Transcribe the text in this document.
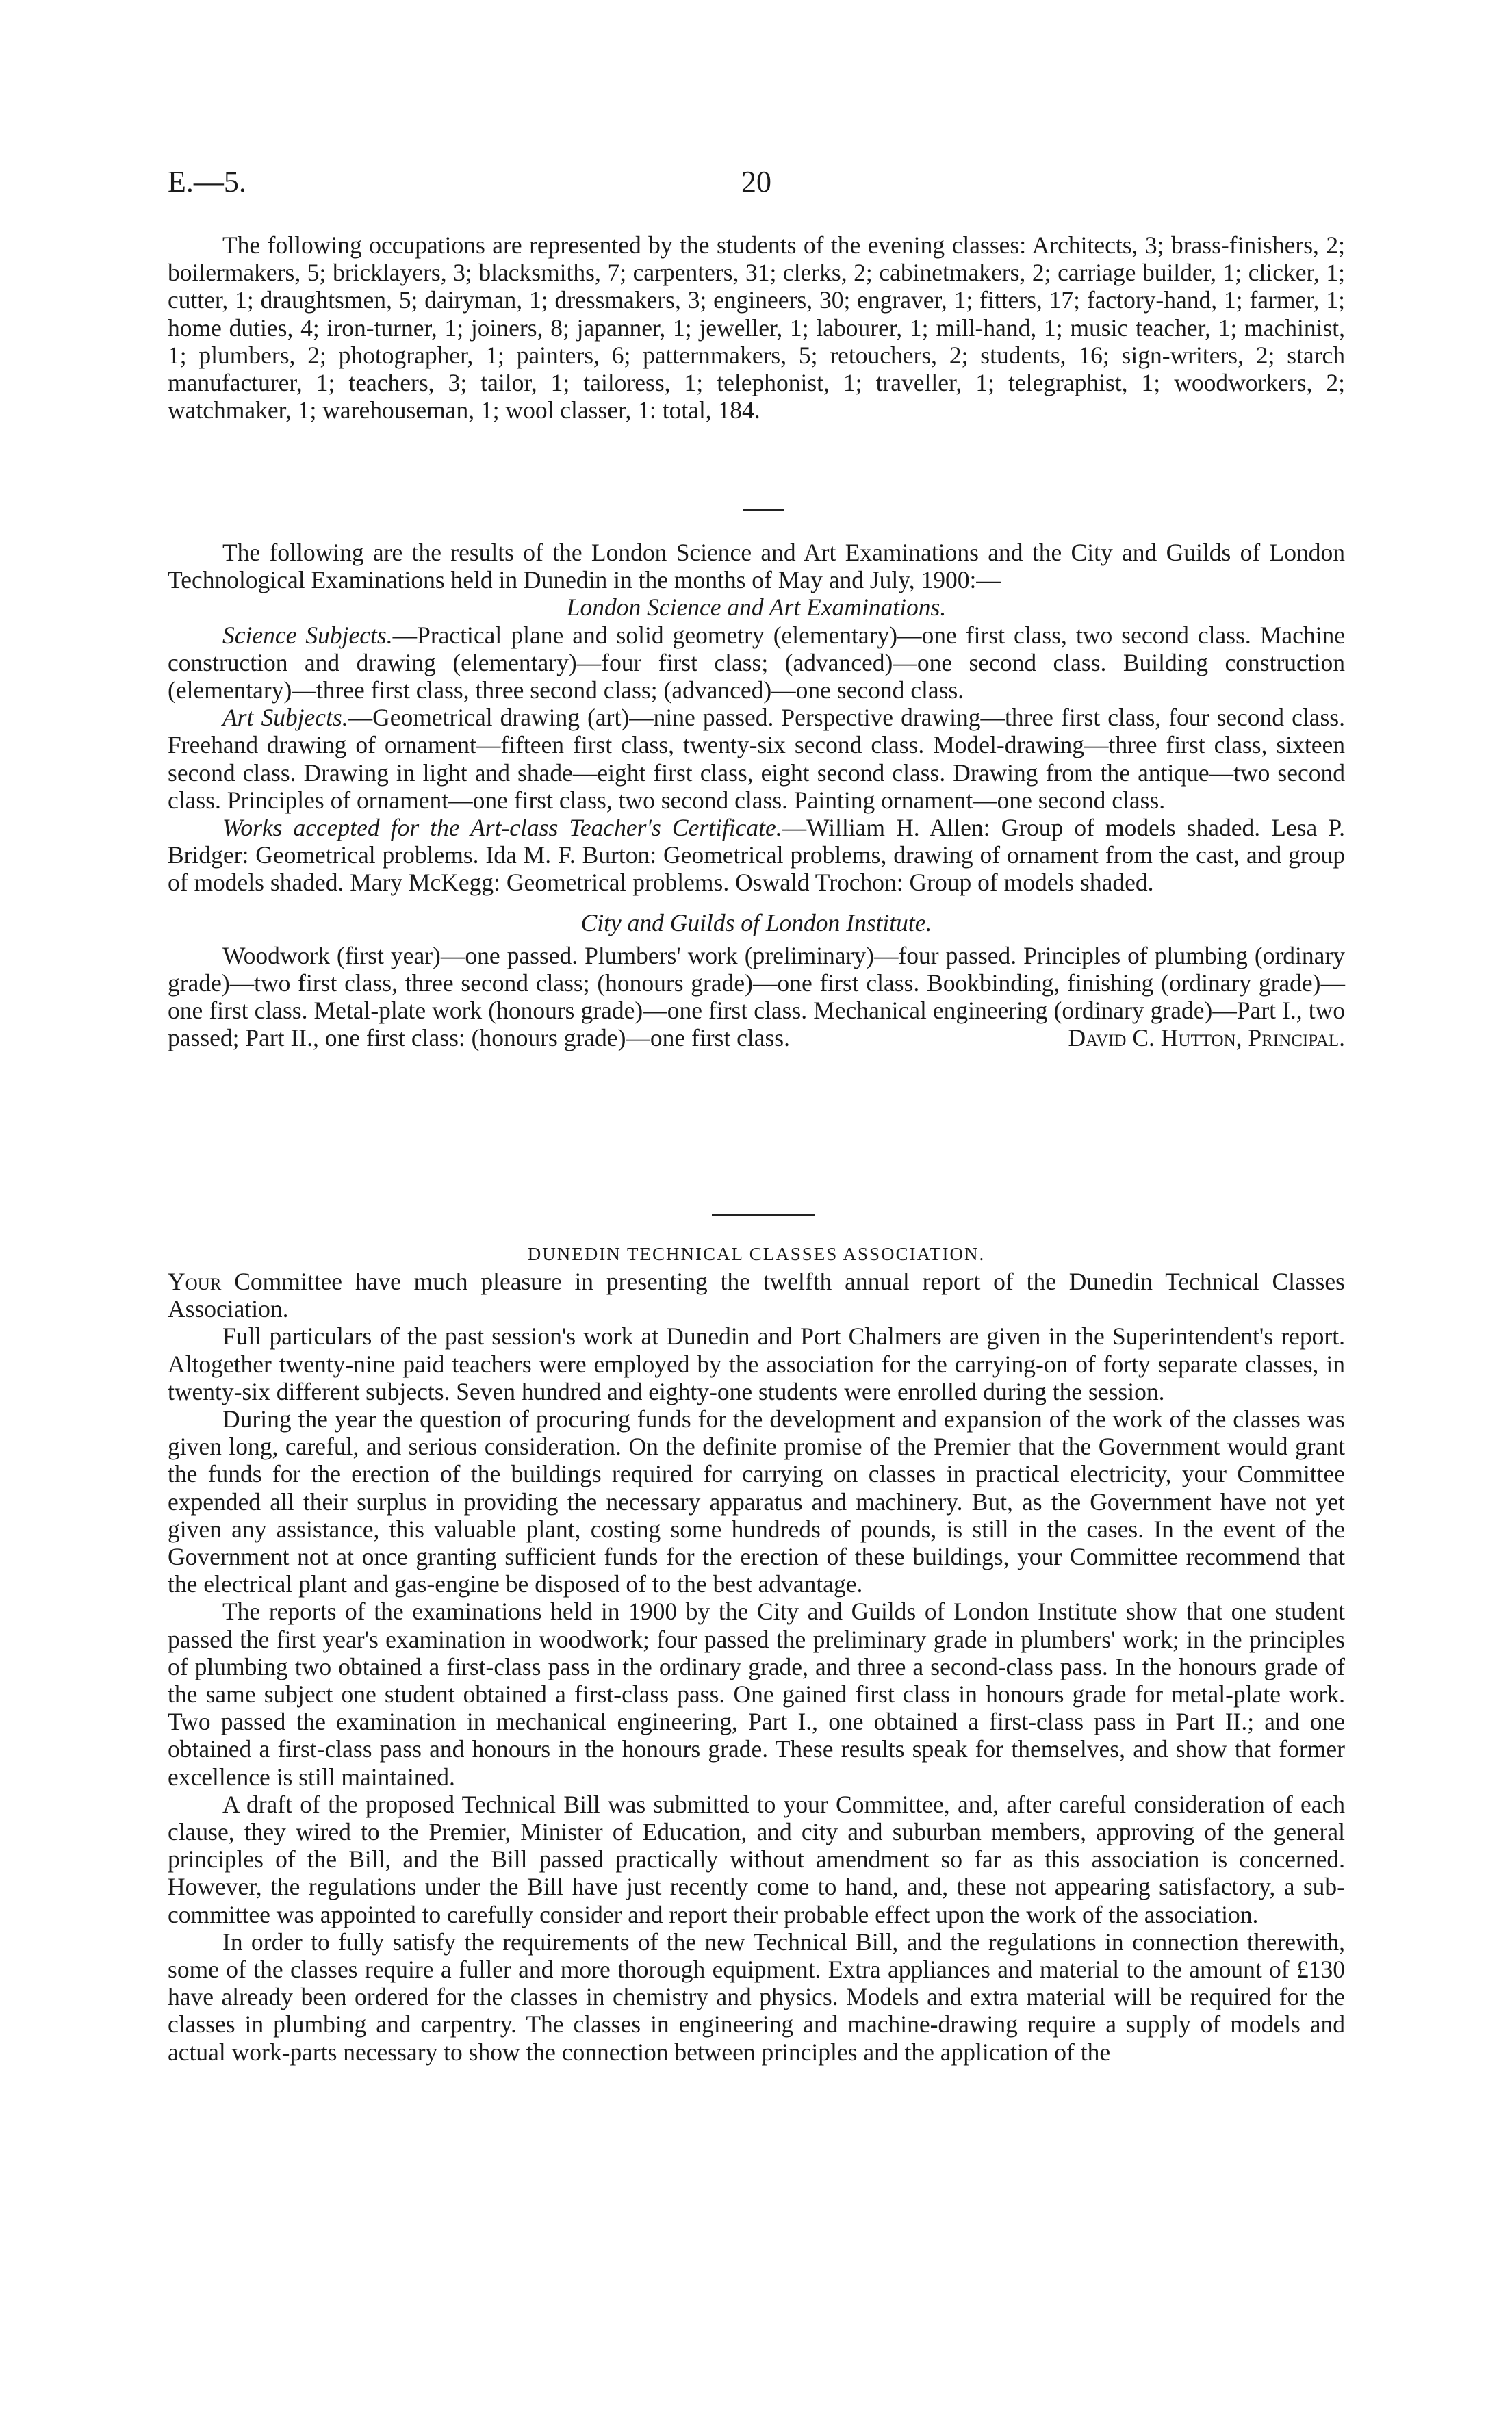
E.—5.	20

The following occupations are represented by the students of the evening classes: Architects, 3; brass-finishers, 2; boilermakers, 5; bricklayers, 3; blacksmiths, 7; carpenters, 31; clerks, 2; cabinetmakers, 2; carriage builder, 1; clicker, 1; cutter, 1; draughtsmen, 5; dairyman, 1; dressmakers, 3; engineers, 30; engraver, 1; fitters, 17; factory-hand, 1; farmer, 1; home duties, 4; iron-turner, 1; joiners, 8; japanner, 1; jeweller, 1; labourer, 1; mill-hand, 1; music teacher, 1; machinist, 1; plumbers, 2; photographer, 1; painters, 6; patternmakers, 5; retouchers, 2; students, 16; sign-writers, 2; starch manufacturer, 1; teachers, 3; tailor, 1; tailoress, 1; telephonist, 1; traveller, 1; telegraphist, 1; woodworkers, 2; watchmaker, 1; warehouseman, 1; wool classer, 1: total, 184.

The following are the results of the London Science and Art Examinations and the City and Guilds of London Technological Examinations held in Dunedin in the months of May and July, 1900:—

London Science and Art Examinations.

Science Subjects.—Practical plane and solid geometry (elementary)—one first class, two second class. Machine construction and drawing (elementary)—four first class; (advanced)—one second class. Building construction (elementary)—three first class, three second class; (advanced)—one second class.

Art Subjects.—Geometrical drawing (art)—nine passed. Perspective drawing—three first class, four second class. Freehand drawing of ornament—fifteen first class, twenty-six second class. Model-drawing—three first class, sixteen second class. Drawing in light and shade—eight first class, eight second class. Drawing from the antique—two second class. Principles of ornament—one first class, two second class. Painting ornament—one second class.

Works accepted for the Art-class Teacher's Certificate.—William H. Allen: Group of models shaded. Lesa P. Bridger: Geometrical problems. Ida M. F. Burton: Geometrical problems, drawing of ornament from the cast, and group of models shaded. Mary McKegg: Geometrical problems. Oswald Trochon: Group of models shaded.

City and Guilds of London Institute.

Woodwork (first year)—one passed. Plumbers' work (preliminary)—four passed. Principles of plumbing (ordinary grade)—two first class, three second class; (honours grade)—one first class. Bookbinding, finishing (ordinary grade)—one first class. Metal-plate work (honours grade)—one first class. Mechanical engineering (ordinary grade)—Part I., two passed; Part II., one first class: (honours grade)—one first class.	David C. Hutton, Principal.

DUNEDIN TECHNICAL CLASSES ASSOCIATION.

Your Committee have much pleasure in presenting the twelfth annual report of the Dunedin Technical Classes Association.

Full particulars of the past session's work at Dunedin and Port Chalmers are given in the Superintendent's report. Altogether twenty-nine paid teachers were employed by the association for the carrying-on of forty separate classes, in twenty-six different subjects. Seven hundred and eighty-one students were enrolled during the session.

During the year the question of procuring funds for the development and expansion of the work of the classes was given long, careful, and serious consideration. On the definite promise of the Premier that the Government would grant the funds for the erection of the buildings required for carrying on classes in practical electricity, your Committee expended all their surplus in providing the necessary apparatus and machinery. But, as the Government have not yet given any assistance, this valuable plant, costing some hundreds of pounds, is still in the cases. In the event of the Government not at once granting sufficient funds for the erection of these buildings, your Committee recommend that the electrical plant and gas-engine be disposed of to the best advantage.

The reports of the examinations held in 1900 by the City and Guilds of London Institute show that one student passed the first year's examination in woodwork; four passed the preliminary grade in plumbers' work; in the principles of plumbing two obtained a first-class pass in the ordinary grade, and three a second-class pass. In the honours grade of the same subject one student obtained a first-class pass. One gained first class in honours grade for metal-plate work. Two passed the examination in mechanical engineering, Part I., one obtained a first-class pass in Part II.; and one obtained a first-class pass and honours in the honours grade. These results speak for themselves, and show that former excellence is still maintained.

A draft of the proposed Technical Bill was submitted to your Committee, and, after careful consideration of each clause, they wired to the Premier, Minister of Education, and city and suburban members, approving of the general principles of the Bill, and the Bill passed practically without amendment so far as this association is concerned. However, the regulations under the Bill have just recently come to hand, and, these not appearing satisfactory, a sub-committee was appointed to carefully consider and report their probable effect upon the work of the association.

In order to fully satisfy the requirements of the new Technical Bill, and the regulations in connection therewith, some of the classes require a fuller and more thorough equipment. Extra appliances and material to the amount of £130 have already been ordered for the classes in chemistry and physics. Models and extra material will be required for the classes in plumbing and carpentry. The classes in engineering and machine-drawing require a supply of models and actual work-parts necessary to show the connection between principles and the application of the
